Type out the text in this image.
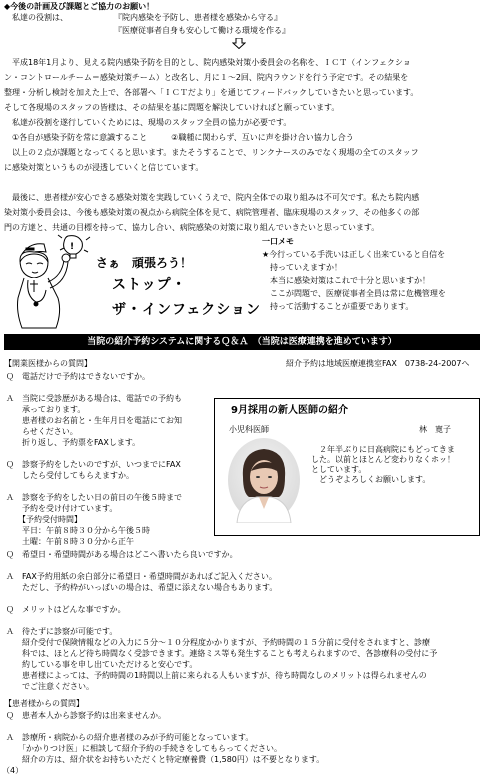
◆今後の計画及び課題とご協力のお願い！
私達の役割は、	『院内感染を予防し、患者様を感染から守る』
『医療従事者自身も安心して働ける環境を作る』
　平成18年1月より、見える院内感染予防を目的とし、院内感染対策小委員会の名称を、ＩＣＴ（インフェクショ
ン・コントロールチーム＝感染対策チーム）と改名し、月に１～2回、院内ラウンドを行う予定です。その結果を
整理・分析し検討を加えた上で、各部署へ「ＩＣＴだより」を通じてフィードバックしていきたいと思っています。
そして各現場のスタッフの皆様は、その結果を基に問題を解決していければと願っています。
　私達が役割を遂行していくためには、現場のスタッフ全員の協力が必要です。
　①各自が感染予防を常に意識すること　　　②職種に関わらず、互いに声を掛け合い協力し合う
　以上の２点が課題となってくると思います。またそうすることで、リンクナースのみでなく現場の全てのスタッフ
に感染対策というものが浸透していくと信じています。
　最後に、患者様が安心できる感染対策を実践していくうえで、院内全体での取り組みは不可欠です。私たち院内感
染対策小委員会は、今後も感染対策の視点から病院全体を見て、病院管理者、臨床現場のスタッフ、その他多くの部
門の方達と、共通の目標を持って、協力し合い、病院感染の対策に取り組んでいきたいと思っています。
!
さぁ　頑張ろう！
ストップ・
ザ・インフェクション
一口メモ
★今行っている手洗いは正しく出来ていると自信を
　持っていえますか！
　本当に感染対策はこれで十分と思いますか！
　ここが問題で、医療従事者全員は常に危機管理を
　持って活動することが重要であります。
当院の紹介予約システムに関するＱ＆Ａ　（当院は医療連携を進めています）
【開業医様からの質問】	紹介予約は地域医療連携室FAX　0738-24-2007へ
Ｑ　電話だけで予約はできないですか。
Ａ　当院に受診歴がある場合は、電話での予約も
　　承っております。
　　患者様のお名前と・生年月日を電話にてお知
　　らせください。
　　折り返し、予約票をFAXします。
Ｑ　診察予約をしたいのですが、いつまでにFAX
　　したら受付してもらえますか。
Ａ　診察を予約をしたい日の前日の午後５時まで
　　予約を受け付けています。
　　【予約受付時間】
　　平日：午前８時３０分から午後５時
　　土曜：午前８時３０分から正午
9月採用の新人医師の紹介
小児科医師	林　寛子
　２年半ぶりに日高病院にもどってきま
した。以前とほとんど変わりなくホッ！
としています。
　どうぞよろしくお願いします。
Ｑ　希望日・希望時間がある場合はどこへ書いたら良いですか。
Ａ　FAX予約用紙の余白部分に希望日・希望時間があればご記入ください。
　　ただし、予約枠がいっぱいの場合は、希望に添えない場合もあります。
Ｑ　メリットはどんな事ですか。
Ａ　待たずに診察が可能です。
　　紹介受付で保険情報などの入力に５分～１０分程度かかりますが、予約時間の１５分前に受付をされますと、診療
　　科では、ほとんど待ち時間なく受診できます。連絡ミス等も発生することも考えられますので、各診療科の受付に予
　　約している事を申し出ていただけると安心です。
　　患者様によっては、予約時間の1時間以上前に来られる人もいますが、待ち時間なしのメリットは得られませんの
　　でご注意ください。
【患者様からの質問】
Ｑ　患者本人から診察予約は出来ませんか。
Ａ　診療所・病院からの紹介患者様のみが予約可能となっています。
　　「かかりつけ医」に相談して紹介予約の手続きをしてもらってください。
　　紹介の方は、紹介状をお持ちいただくと特定療養費（1,580円）は不要となります。
（4）
